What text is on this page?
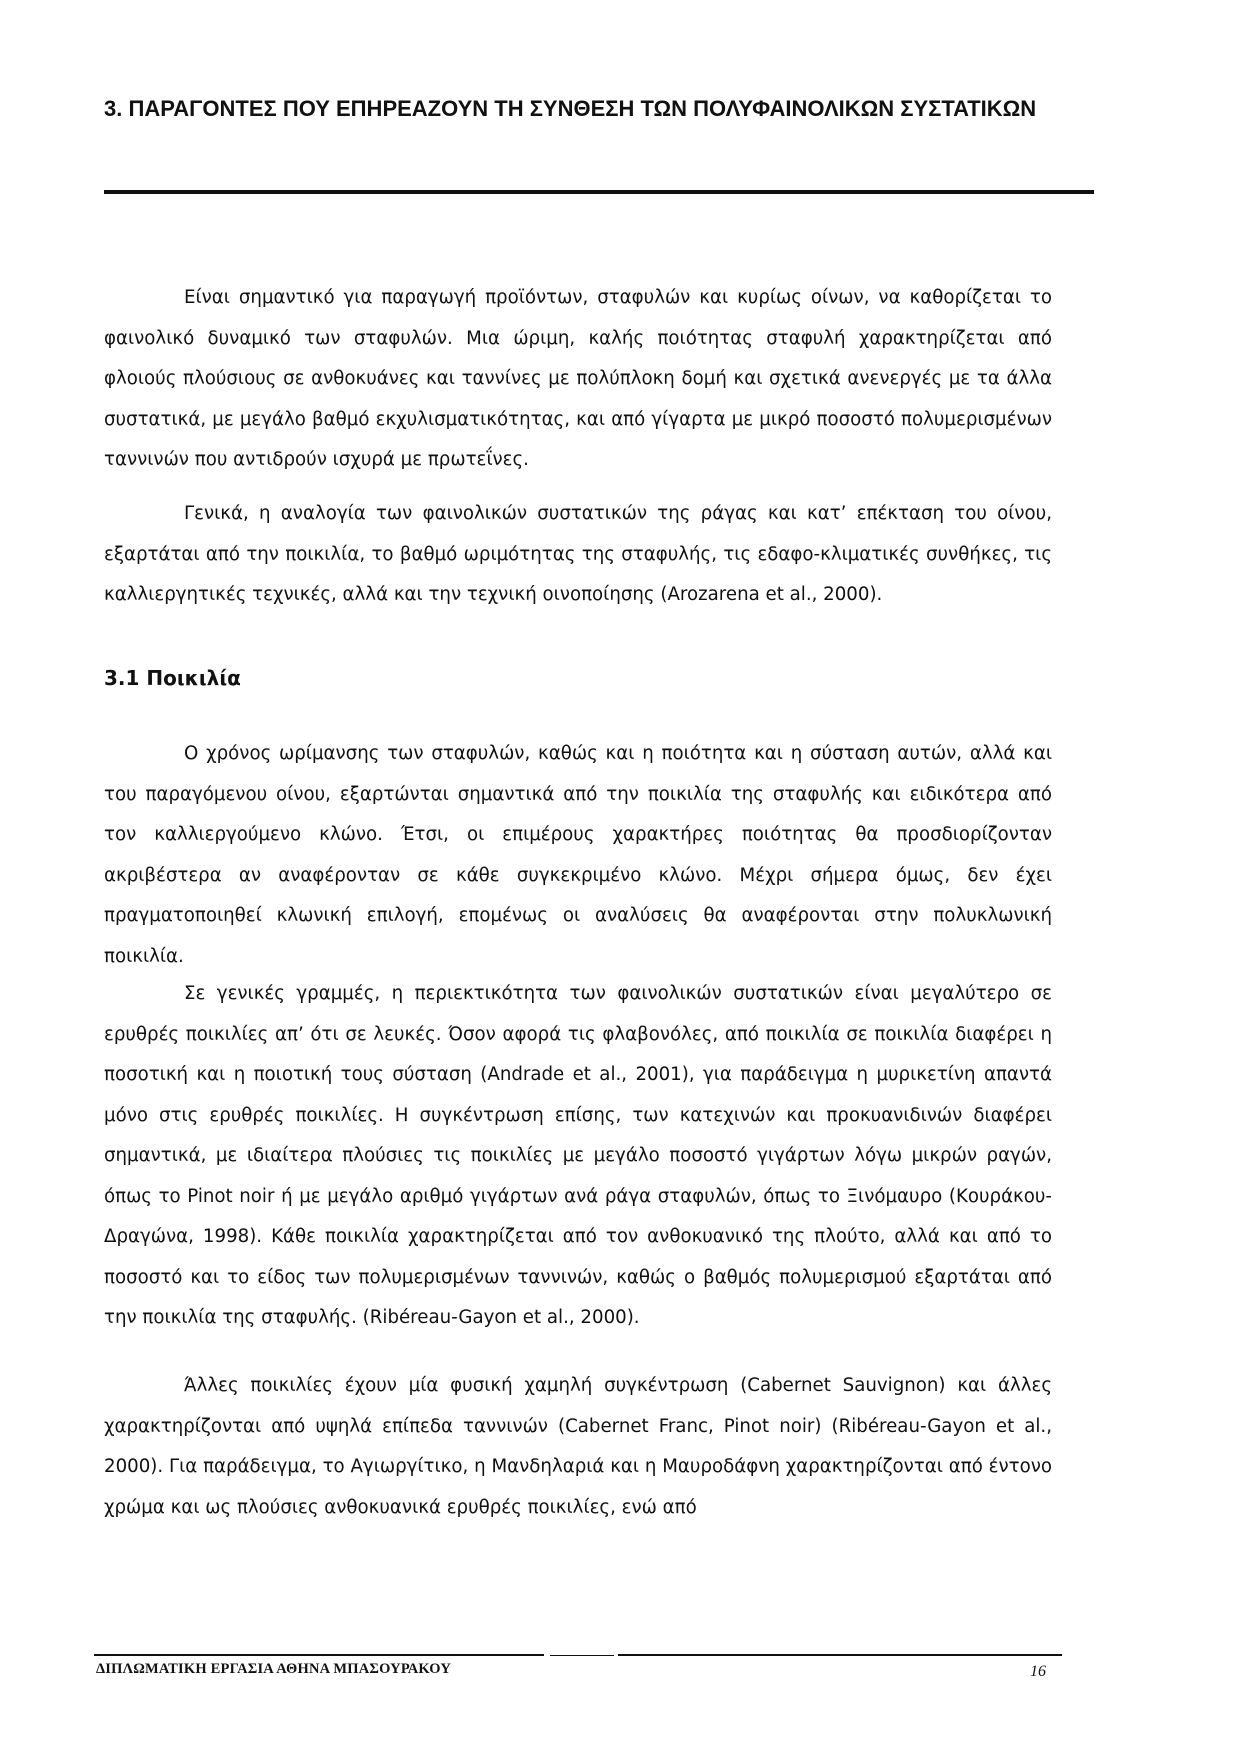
3. ΠΑΡΑΓΟΝΤΕΣ ΠΟΥ ΕΠΗΡΕΑΖΟΥΝ ΤΗ ΣΥΝΘΕΣΗ ΤΩΝ ΠΟΛΥΦΑΙΝΟΛΙΚΩΝ ΣΥΣΤΑΤΙΚΩΝ

Είναι σημαντικό για παραγωγή προϊόντων, σταφυλών και κυρίως οίνων, να καθορίζεται το φαινολικό δυναμικό των σταφυλών. Μια ώριμη, καλής ποιότητας σταφυλή χαρακτηρίζεται από φλοιούς πλούσιους σε ανθοκυάνες και ταννίνες με πολύπλοκη δομή και σχετικά ανενεργές με τα άλλα συστατικά, με μεγάλο βαθμό εκχυλισματικότητας, και από γίγαρτα με μικρό ποσοστό πολυμερισμένων ταννινών που αντιδρούν ισχυρά με πρωτεΐνες.

Γενικά, η αναλογία των φαινολικών συστατικών της ράγας και κατ’ επέκταση του οίνου, εξαρτάται από την ποικιλία, το βαθμό ωριμότητας της σταφυλής, τις εδαφο-κλιματικές συνθήκες, τις καλλιεργητικές τεχνικές, αλλά και την τεχνική οινοποίησης (Arozarena et al., 2000).

3.1 Ποικιλία

Ο χρόνος ωρίμανσης των σταφυλών, καθώς και η ποιότητα και η σύσταση αυτών, αλλά και του παραγόμενου οίνου, εξαρτώνται σημαντικά από την ποικιλία της σταφυλής και ειδικότερα από τον καλλιεργούμενο κλώνο. Έτσι, οι επιμέρους χαρακτήρες ποιότητας θα προσδιορίζονταν ακριβέστερα αν αναφέρονταν σε κάθε συγκεκριμένο κλώνο. Μέχρι σήμερα όμως, δεν έχει πραγματοποιηθεί κλωνική επιλογή, επομένως οι αναλύσεις θα αναφέρονται στην πολυκλωνική ποικιλία.

Σε γενικές γραμμές, η περιεκτικότητα των φαινολικών συστατικών είναι μεγαλύτερο σε ερυθρές ποικιλίες απ’ ότι σε λευκές. Όσον αφορά τις φλαβονόλες, από ποικιλία σε ποικιλία διαφέρει η ποσοτική και η ποιοτική τους σύσταση (Andrade et al., 2001), για παράδειγμα η μυρικετίνη απαντά μόνο στις ερυθρές ποικιλίες. Η συγκέντρωση επίσης, των κατεχινών και προκυανιδινών διαφέρει σημαντικά, με ιδιαίτερα πλούσιες τις ποικιλίες με μεγάλο ποσοστό γιγάρτων λόγω μικρών ραγών, όπως το Pinot noir ή με μεγάλο αριθμό γιγάρτων ανά ράγα σταφυλών, όπως το Ξινόμαυρο (Κουράκου-Δραγώνα, 1998). Κάθε ποικιλία χαρακτηρίζεται από τον ανθοκυανικό της πλούτο, αλλά και από το ποσοστό και το είδος των πολυμερισμένων ταννινών, καθώς ο βαθμός πολυμερισμού εξαρτάται από την ποικιλία της σταφυλής. (Ribéreau-Gayon et al., 2000).

Άλλες ποικιλίες έχουν μία φυσική χαμηλή συγκέντρωση (Cabernet Sauvignon) και άλλες χαρακτηρίζονται από υψηλά επίπεδα ταννινών (Cabernet Franc, Pinot noir) (Ribéreau-Gayon et al., 2000). Για παράδειγμα, το Αγιωργίτικο, η Μανδηλαριά και η Μαυροδάφνη χαρακτηρίζονται από έντονο χρώμα και ως πλούσιες ανθοκυανικά ερυθρές ποικιλίες, ενώ από

ΔΙΠΛΩΜΑΤΙΚΗ ΕΡΓΑΣΙΑ ΑΘΗΝΑ ΜΠΑΣΟΥΡΑΚΟΥ	16
